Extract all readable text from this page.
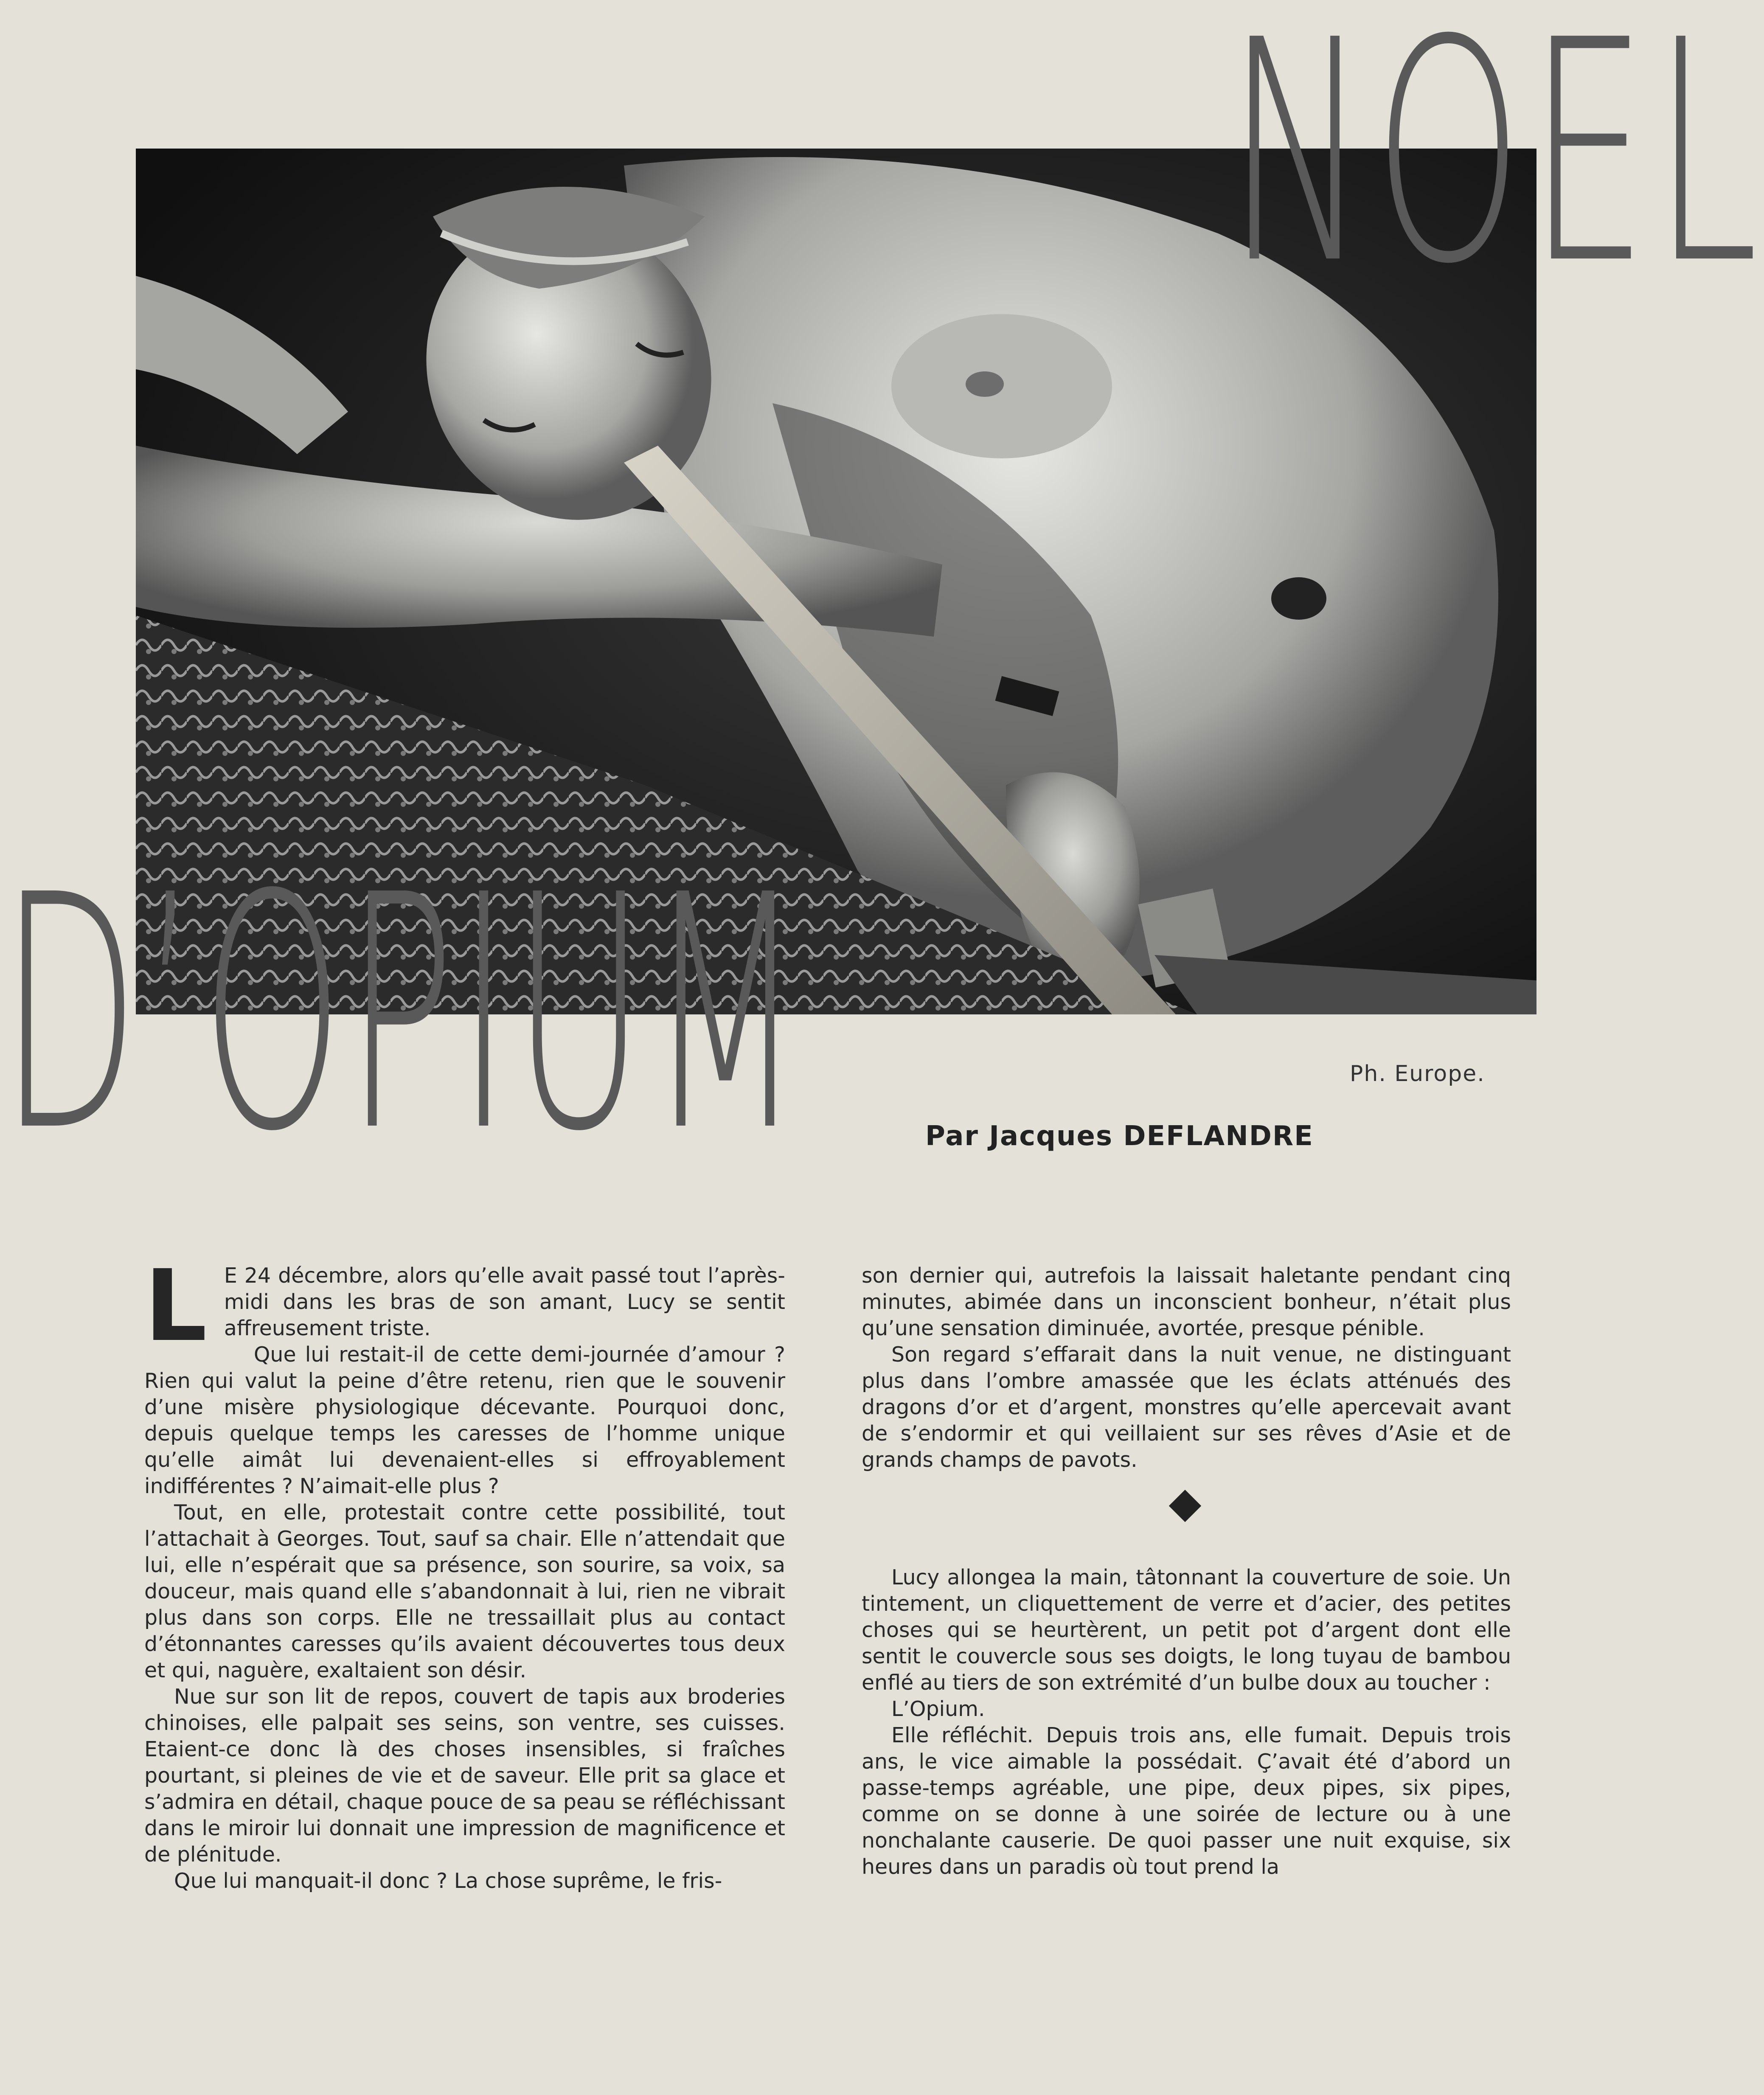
NOEL
D’OPIUM	Ph. Europe.
Par Jacques DEFLANDRE

L E 24 décembre, alors qu’elle avait passé tout l’après-midi dans les bras de son amant, Lucy se sentit affreusement triste.

Que lui restait-il de cette demi-journée d’amour ? Rien qui valut la peine d’être retenu, rien que le souvenir d’une misère physiologique décevante. Pourquoi donc, depuis quelque temps les caresses de l’homme unique qu’elle aimât lui devenaient-elles si effroyablement indifférentes ? N’aimait-elle plus ?

Tout, en elle, protestait contre cette possibilité, tout l’attachait à Georges. Tout, sauf sa chair. Elle n’attendait que lui, elle n’espérait que sa présence, son sourire, sa voix, sa douceur, mais quand elle s’abandonnait à lui, rien ne vibrait plus dans son corps. Elle ne tressaillait plus au contact d’étonnantes caresses qu’ils avaient découvertes tous deux et qui, naguère, exaltaient son désir.

Nue sur son lit de repos, couvert de tapis aux broderies chinoises, elle palpait ses seins, son ventre, ses cuisses. Etaient-ce donc là des choses insensibles, si fraîches pourtant, si pleines de vie et de saveur. Elle prit sa glace et s’admira en détail, chaque pouce de sa peau se réfléchissant dans le miroir lui donnait une impression de magnificence et de plénitude.

Que lui manquait-il donc ? La chose suprême, le fris-

son dernier qui, autrefois la laissait haletante pendant cinq minutes, abimée dans un inconscient bonheur, n’était plus qu’une sensation diminuée, avortée, presque pénible.

Son regard s’effarait dans la nuit venue, ne distinguant plus dans l’ombre amassée que les éclats atténués des dragons d’or et d’argent, monstres qu’elle apercevait avant de s’endormir et qui veillaient sur ses rêves d’Asie et de grands champs de pavots.

Lucy allongea la main, tâtonnant la couverture de soie. Un tintement, un cliquettement de verre et d’acier, des petites choses qui se heurtèrent, un petit pot d’argent dont elle sentit le couvercle sous ses doigts, le long tuyau de bambou enflé au tiers de son extrémité d’un bulbe doux au toucher :

L’Opium.

Elle réfléchit. Depuis trois ans, elle fumait. Depuis trois ans, le vice aimable la possédait. Ç’avait été d’abord un passe-temps agréable, une pipe, deux pipes, six pipes, comme on se donne à une soirée de lecture ou à une nonchalante causerie. De quoi passer une nuit exquise, six heures dans un paradis où tout prend la
